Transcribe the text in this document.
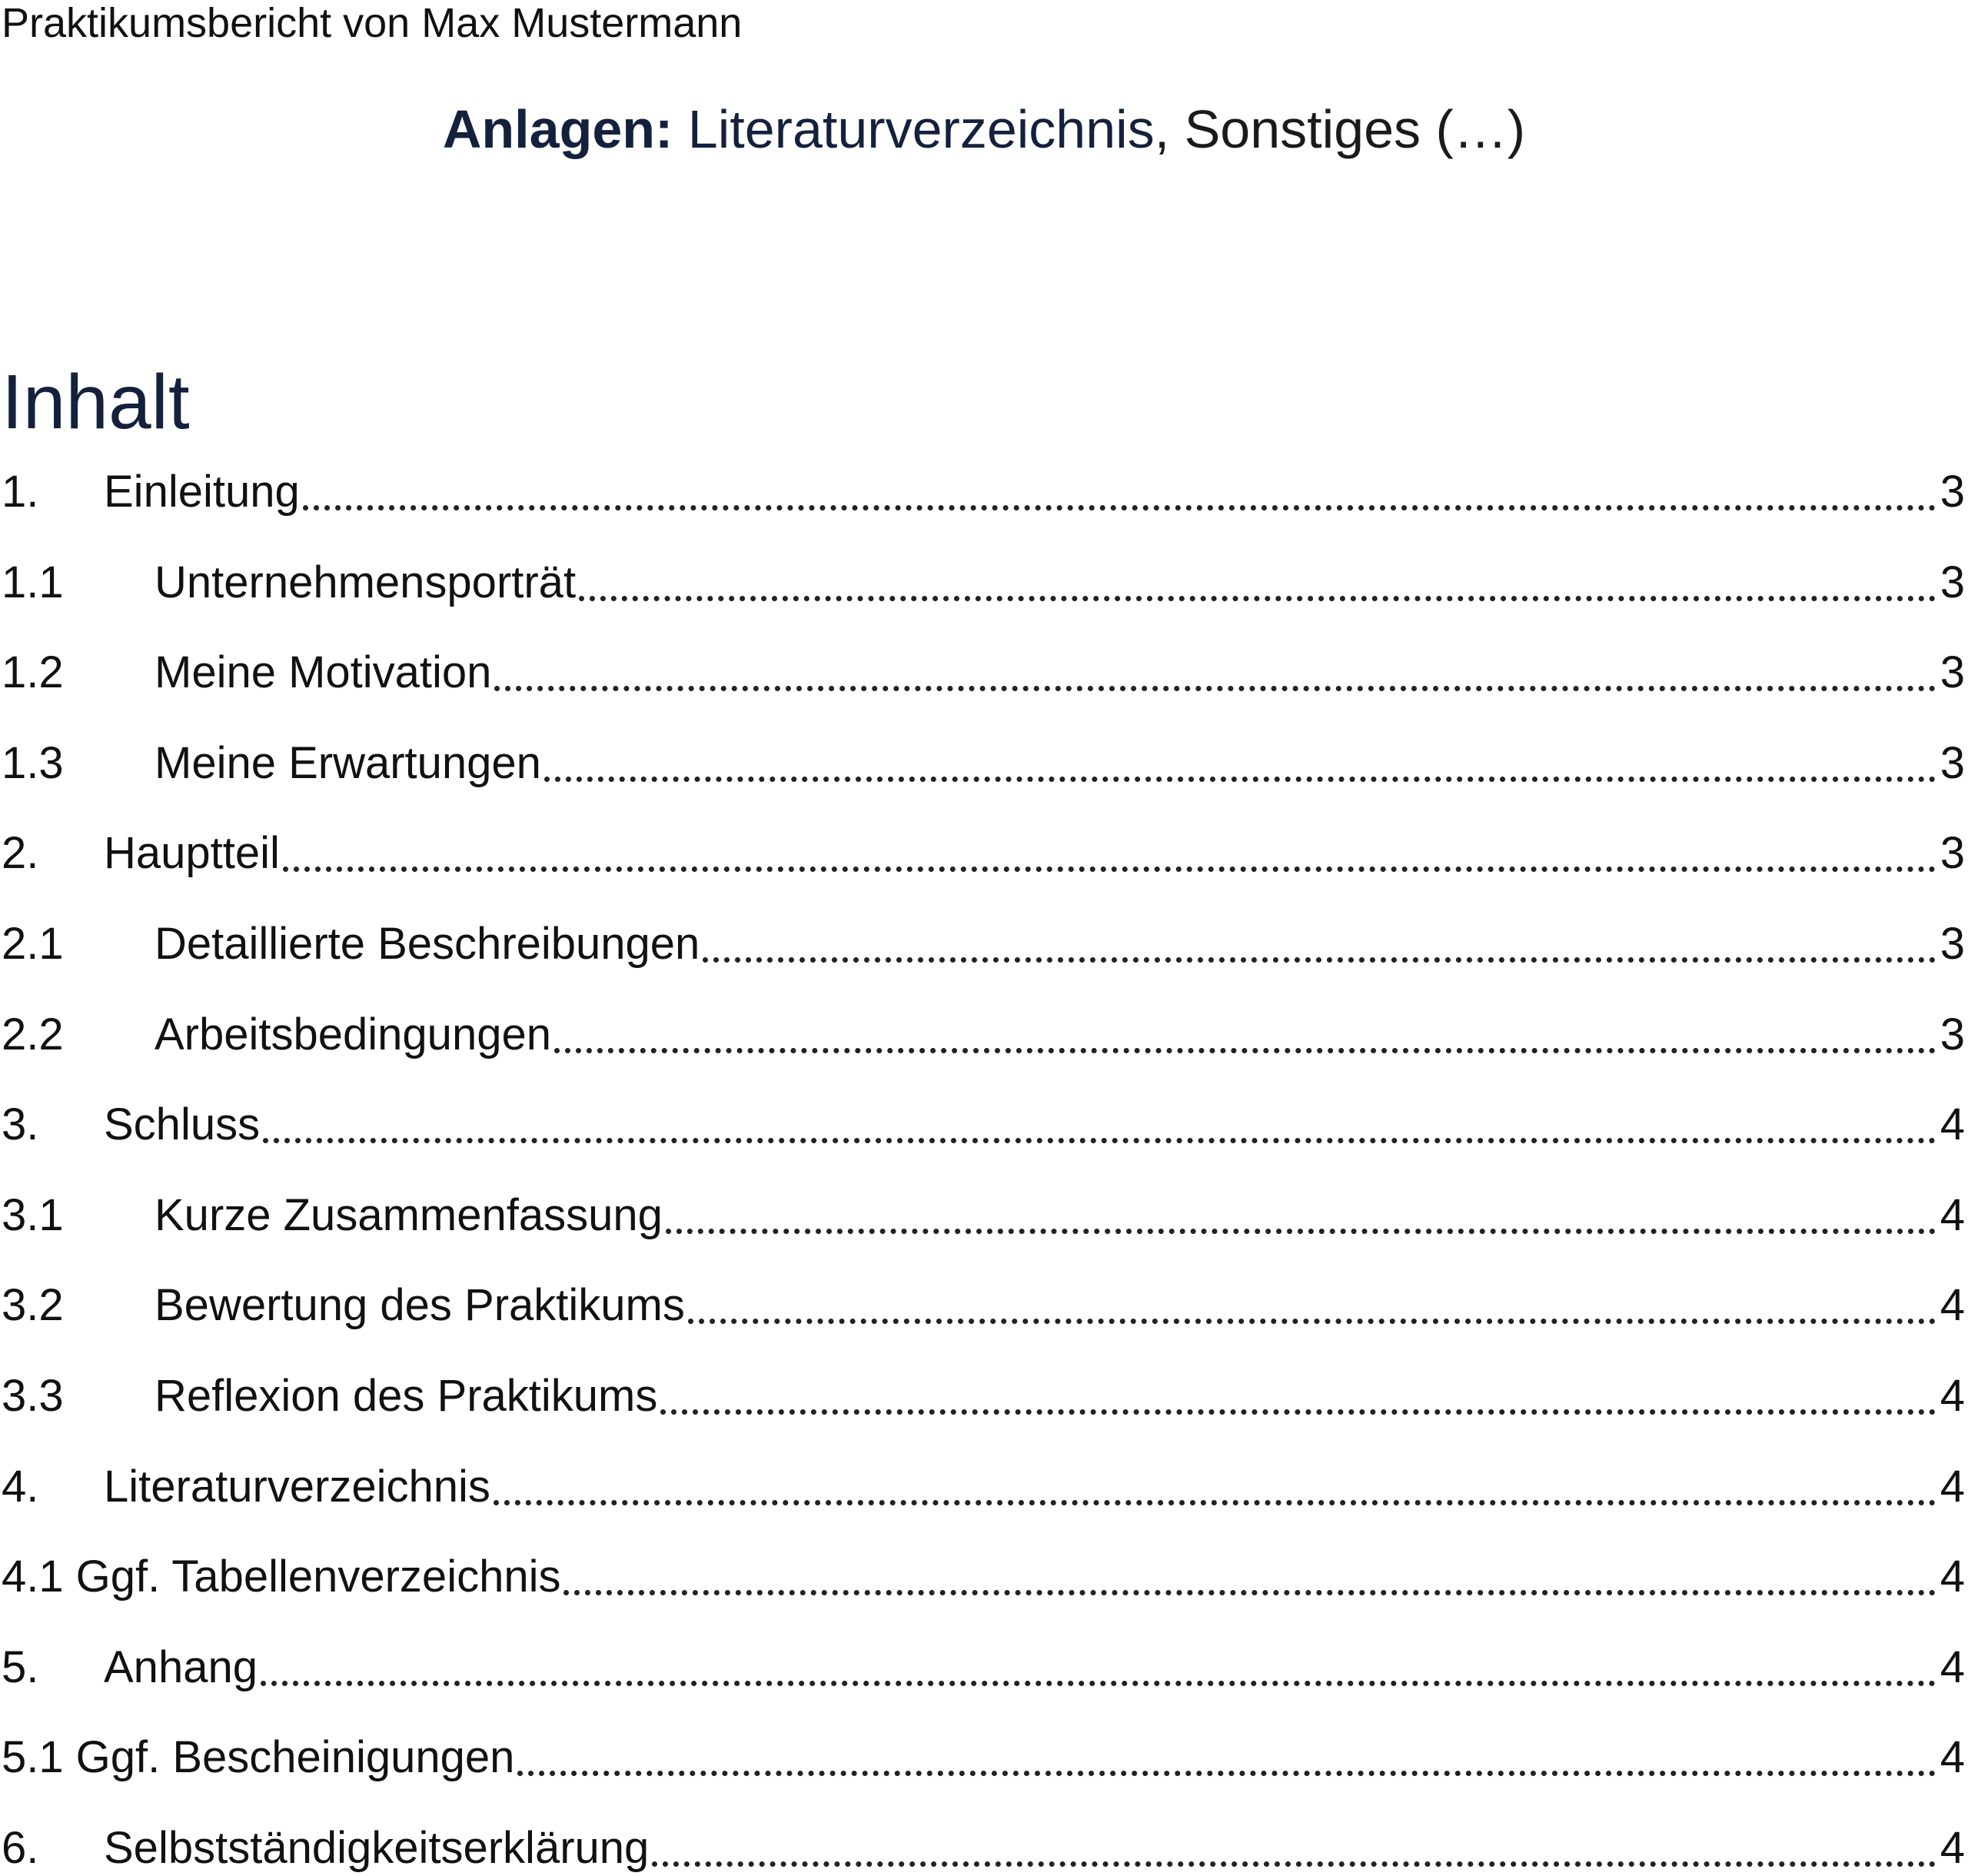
Praktikumsbericht von Max Mustermann
Anlagen: Literaturverzeichnis, Sonstiges (…)
Inhalt
1.	Einleitung	3
1.1	Unternehmensporträt	3
1.2	Meine Motivation	3
1.3	Meine Erwartungen	3
2.	Hauptteil	3
2.1	Detaillierte Beschreibungen	3
2.2	Arbeitsbedingungen	3
3.	Schluss	4
3.1	Kurze Zusammenfassung	4
3.2	Bewertung des Praktikums	4
3.3	Reflexion des Praktikums	4
4.	Literaturverzeichnis	4
4.1 Ggf. Tabellenverzeichnis	4
5.	Anhang	4
5.1 Ggf. Bescheinigungen	4
6.	Selbstständigkeitserklärung	4
